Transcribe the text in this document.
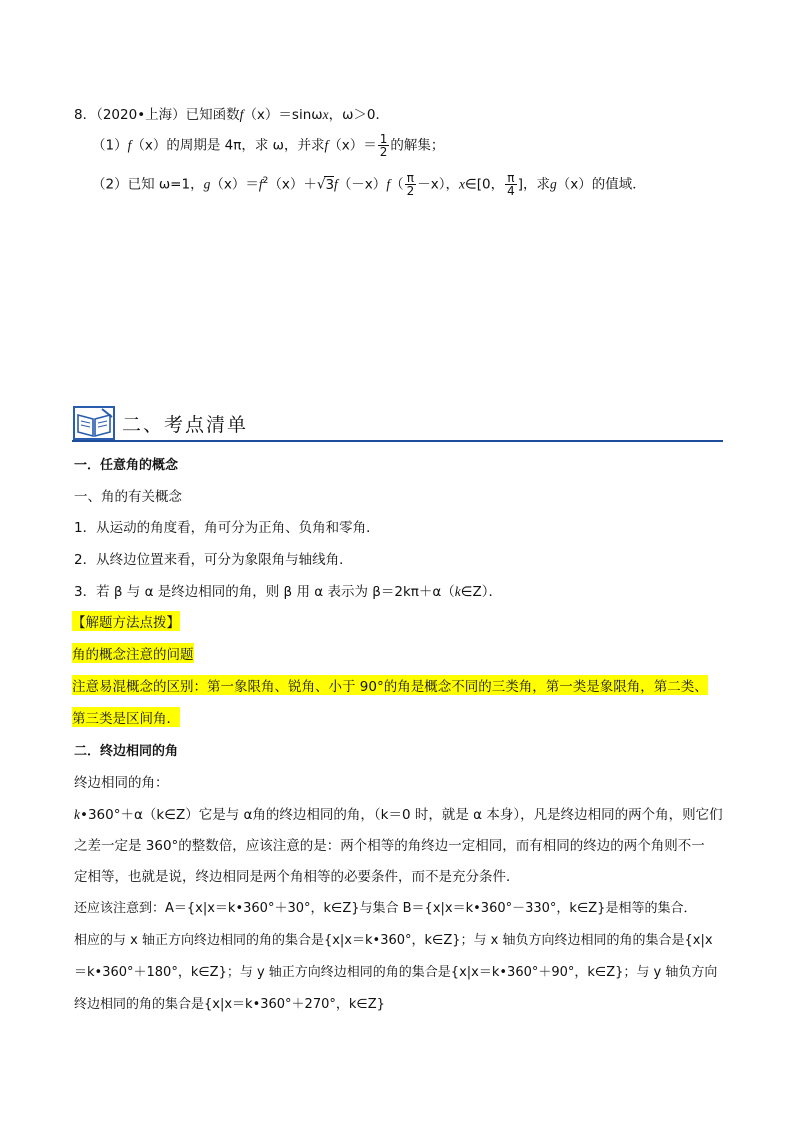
8．（2020•上海）已知函数f（x）＝sinωx，ω＞0．
（1）f（x）的周期是 4π，求 ω，并求$f(x)= \frac{1}{2}$ 的解集；
（2）已知 ω=1，$g(x)=f^2(x)+√3f(-x)f( \frac{\pi}{2} -x)$，x∈[0， $\frac{\pi}{4}$ ]，求g（x）的值域．
二、考点清单
一．任意角的概念
一、角的有关概念
1．从运动的角度看，角可分为正角、负角和零角．
2．从终边位置来看，可分为象限角与轴线角．
3．若 β 与 α 是终边相同的角，则 β 用 α 表示为 β＝2kπ＋α（k∈Z）．
【解题方法点拨】
角的概念注意的问题
注意易混概念的区别：第一象限角、锐角、小于 90°的角是概念不同的三类角，第一类是象限角，第二类、
第三类是区间角．
二．终边相同的角
终边相同的角：
k•360°＋α（k∈Z）它是与 α角的终边相同的角，（k＝0 时，就是 α 本身），凡是终边相同的两个角，则它们
之差一定是 360°的整数倍，应该注意的是：两个相等的角终边一定相同，而有相同的终边的两个角则不一
定相等，也就是说，终边相同是两个角相等的必要条件，而不是充分条件．
还应该注意到：A＝{x|x＝k•360°＋30°，k∈Z}与集合 B＝{x|x＝k•360°－330°，k∈Z}是相等的集合．
相应的与 x 轴正方向终边相同的角的集合是{x|x＝k•360°，k∈Z}；与 x 轴负方向终边相同的角的集合是{x|x
＝k•360°＋180°，k∈Z}；与 y 轴正方向终边相同的角的集合是{x|x＝k•360°＋90°，k∈Z}；与 y 轴负方向
终边相同的角的集合是{x|x＝k•360°＋270°，k∈Z}
